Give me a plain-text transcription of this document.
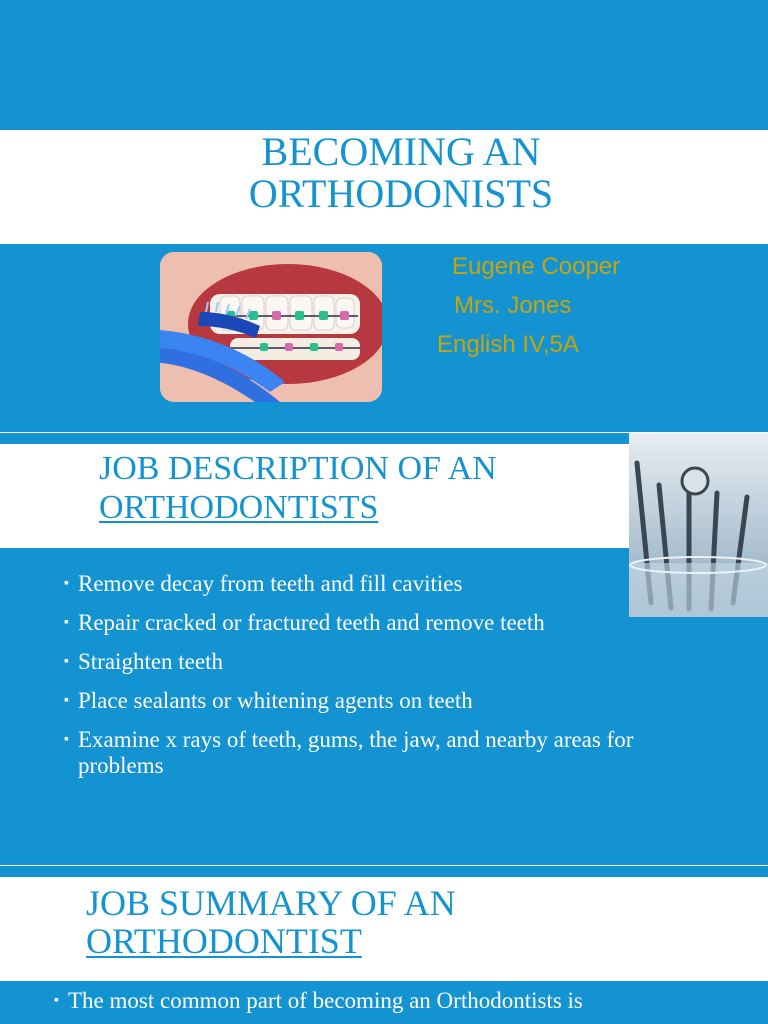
BECOMING AN
ORTHODONISTS
Eugene Cooper
Mrs. Jones
English IV,5A
JOB DESCRIPTION OF AN
ORTHODONTISTS
▪ Remove decay from teeth and fill cavities
▪ Repair cracked or fractured teeth and remove teeth
▪ Straighten teeth
▪ Place sealants or whitening agents on teeth
▪ Examine x rays of teeth, gums, the jaw, and nearby areas for problems
JOB SUMMARY OF AN
ORTHODONTIST
▪ The most common part of becoming an Orthodontists is
